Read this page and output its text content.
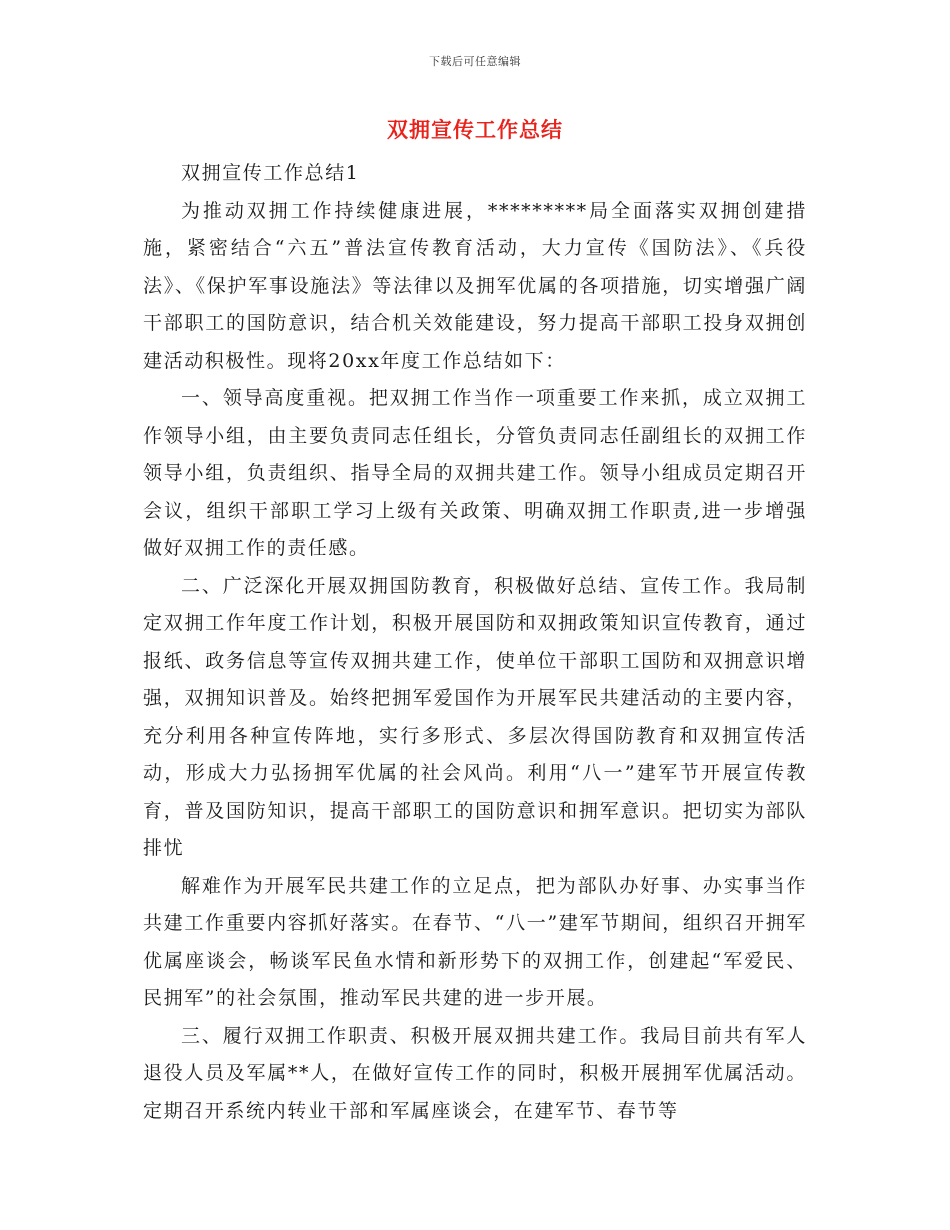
下载后可任意编辑
双拥宣传工作总结

双拥宣传工作总结1

为推动双拥工作持续健康进展，*********局全面落实双拥创建措施，紧密结合“六五”普法宣传教育活动，大力宣传《国防法》、《兵役法》、《保护军事设施法》等法律以及拥军优属的各项措施，切实增强广阔干部职工的国防意识，结合机关效能建设，努力提高干部职工投身双拥创建活动积极性。现将20xx年度工作总结如下：

一、领导高度重视。把双拥工作当作一项重要工作来抓，成立双拥工作领导小组，由主要负责同志任组长，分管负责同志任副组长的双拥工作领导小组，负责组织、指导全局的双拥共建工作。领导小组成员定期召开会议，组织干部职工学习上级有关政策、明确双拥工作职责,进一步增强做好双拥工作的责任感。

二、广泛深化开展双拥国防教育，积极做好总结、宣传工作。我局制定双拥工作年度工作计划，积极开展国防和双拥政策知识宣传教育，通过报纸、政务信息等宣传双拥共建工作，使单位干部职工国防和双拥意识增强，双拥知识普及。始终把拥军爱国作为开展军民共建活动的主要内容，充分利用各种宣传阵地，实行多形式、多层次得国防教育和双拥宣传活动，形成大力弘扬拥军优属的社会风尚。利用“八一”建军节开展宣传教育，普及国防知识，提高干部职工的国防意识和拥军意识。把切实为部队排忧

解难作为开展军民共建工作的立足点，把为部队办好事、办实事当作共建工作重要内容抓好落实。在春节、“八一”建军节期间，组织召开拥军优属座谈会，畅谈军民鱼水情和新形势下的双拥工作，创建起“军爱民、民拥军”的社会氛围，推动军民共建的进一步开展。

三、履行双拥工作职责、积极开展双拥共建工作。我局目前共有军人退役人员及军属**人，在做好宣传工作的同时，积极开展拥军优属活动。定期召开系统内转业干部和军属座谈会，在建军节、春节等
